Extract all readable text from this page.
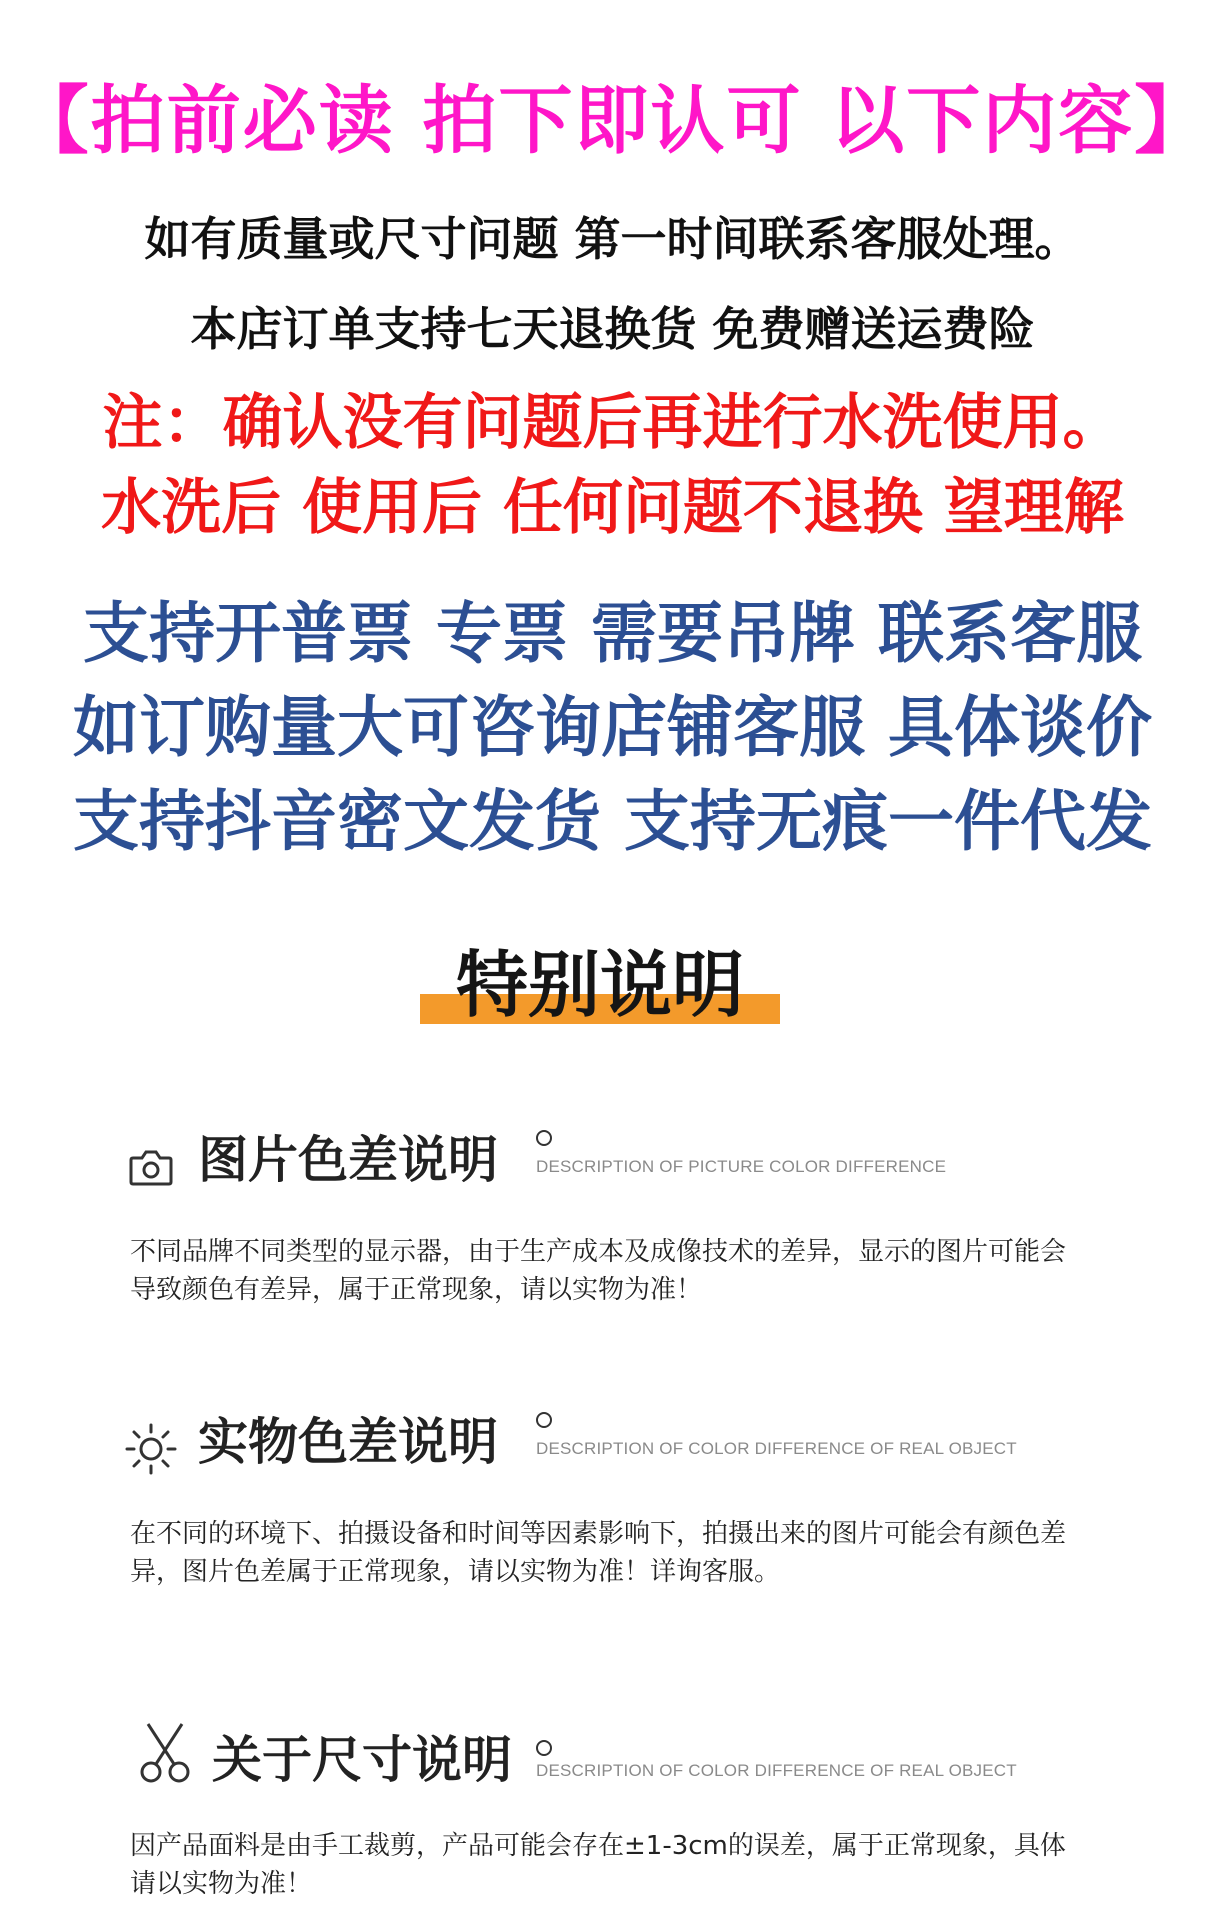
【拍前必读 拍下即认可 以下内容】
如有质量或尺寸问题 第一时间联系客服处理。
本店订单支持七天退换货 免费赠送运费险
注：确认没有问题后再进行水洗使用。
水洗后 使用后 任何问题不退换 望理解
支持开普票 专票 需要吊牌 联系客服
如订购量大可咨询店铺客服 具体谈价
支持抖音密文发货 支持无痕一件代发
特别说明
图片色差说明 DESCRIPTION OF PICTURE COLOR DIFFERENCE
不同品牌不同类型的显示器，由于生产成本及成像技术的差异，显示的图片可能会导致颜色有差异，属于正常现象，请以实物为准！
实物色差说明 DESCRIPTION OF COLOR DIFFERENCE OF REAL OBJECT
在不同的环境下、拍摄设备和时间等因素影响下，拍摄出来的图片可能会有颜色差异，图片色差属于正常现象，请以实物为准！详询客服。
关于尺寸说明 DESCRIPTION OF COLOR DIFFERENCE OF REAL OBJECT
因产品面料是由手工裁剪，产品可能会存在±1-3cm的误差，属于正常现象，具体请以实物为准！
